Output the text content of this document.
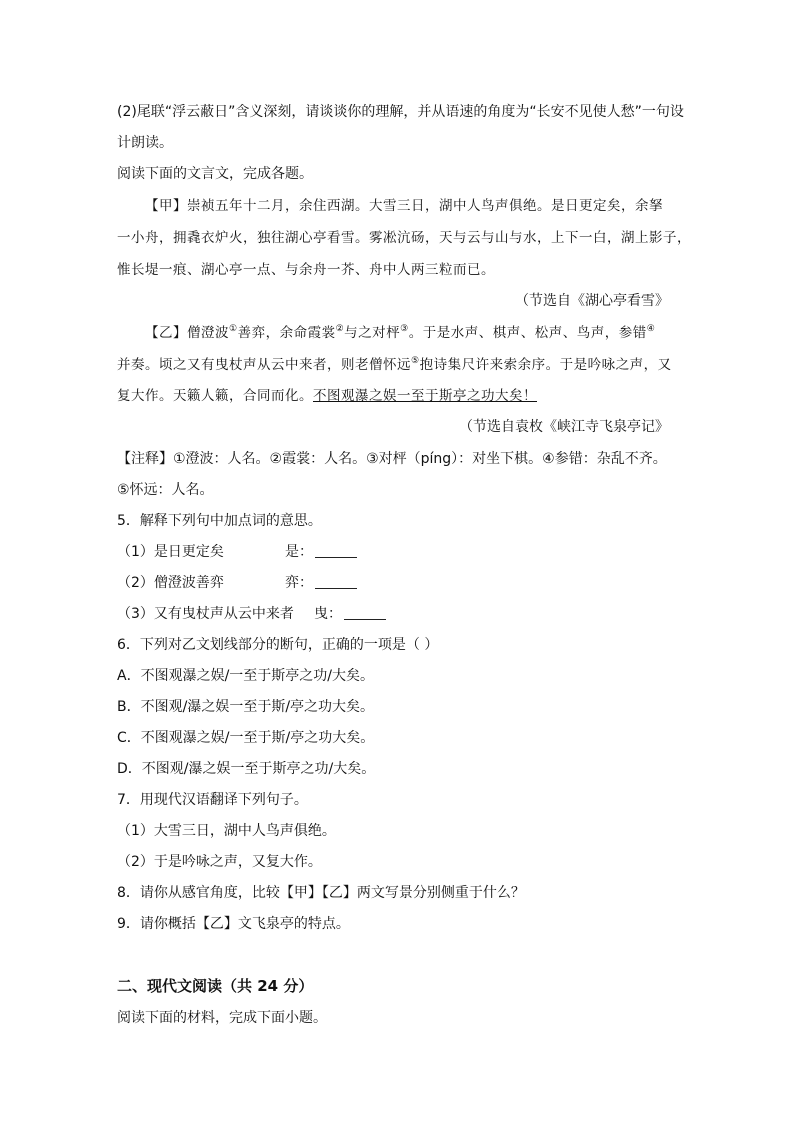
(2)尾联“浮云蔽日”含义深刻，请谈谈你的理解，并从语速的角度为“长安不见使人愁”一句设
计朗读。
阅读下面的文言文，完成各题。
【甲】崇祯五年十二月，余住西湖。大雪三日，湖中人鸟声俱绝。是日更定矣，余拏
一小舟，拥毳衣炉火，独往湖心亭看雪。雾凇沆砀，天与云与山与水，上下一白，湖上影子，
惟长堤一痕、湖心亭一点、与余舟一芥、舟中人两三粒而已。
（节选自《湖心亭看雪》
【乙】僧澄波①善弈，余命霞裳②与之对枰③。于是水声、棋声、松声、鸟声，参错④
并奏。顷之又有曳杖声从云中来者，则老僧怀远⑤抱诗集尺许来索余序。于是吟咏之声，又
复大作。天籁人籁，合同而化。不图观瀑之娱一至于斯亭之功大矣！
（节选自袁枚《峡江寺飞泉亭记》
【注释】①澄波：人名。②霞裳：人名。③对枰（píng）：对坐下棋。④参错：杂乱不齐。
⑤怀远：人名。
5．解释下列句中加点词的意思。
（1）是日更定矣	是：
（2）僧澄波善弈	弈：
（3）又有曳杖声从云中来者 曳：
6．下列对乙文划线部分的断句，正确的一项是（ ）
A．不图观瀑之娱/一至于斯亭之功/大矣。
B．不图观/瀑之娱一至于斯/亭之功大矣。
C．不图观瀑之娱/一至于斯/亭之功大矣。
D．不图观/瀑之娱一至于斯亭之功/大矣。
7．用现代汉语翻译下列句子。
（1）大雪三日，湖中人鸟声俱绝。
（2）于是吟咏之声，又复大作。
8．请你从感官角度，比较【甲】【乙】两文写景分别侧重于什么？
9．请你概括【乙】文飞泉亭的特点。
二、现代文阅读（共 24 分）
阅读下面的材料，完成下面小题。
